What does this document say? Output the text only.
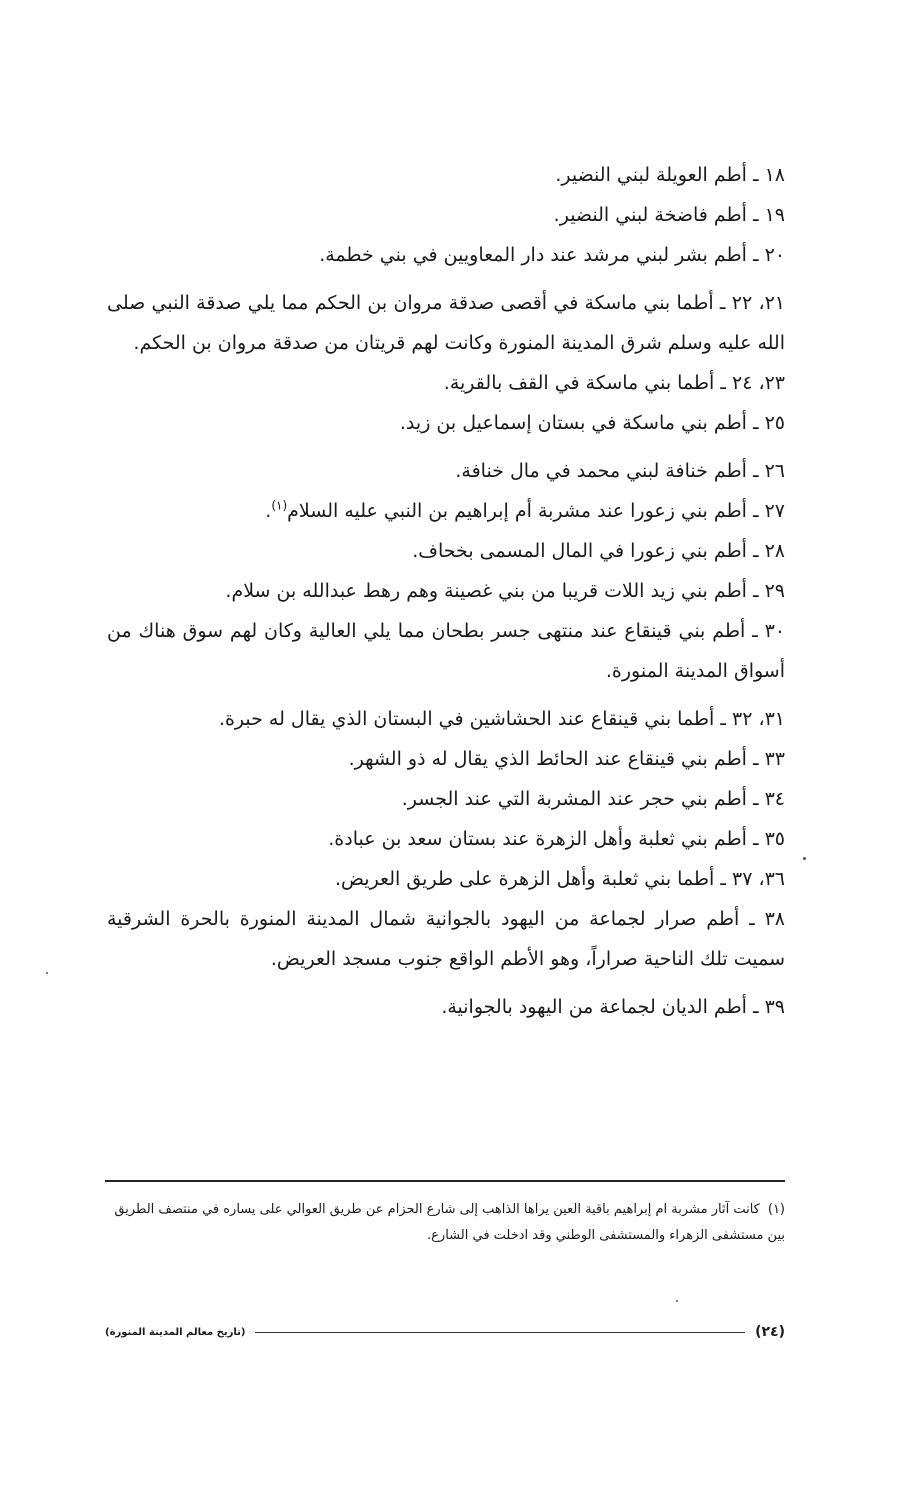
١٨ ـ أطم العويلة لبني النضير.

١٩ ـ أطم فاضخة لبني النضير.

٢٠ ـ أطم بشر لبني مرشد عند دار المعاويين في بني خطمة.

٢١، ٢٢ ـ أطما بني ماسكة في أقصى صدقة مروان بن الحكم مما يلي صدقة النبي صلى الله عليه وسلم شرق المدينة المنورة وكانت لهم قريتان من صدقة مروان بن الحكم.

٢٣، ٢٤ ـ أطما بني ماسكة في القف بالقرية.

٢٥ ـ أطم بني ماسكة في بستان إسماعيل بن زيد.

٢٦ ـ أطم خنافة لبني محمد في مال خنافة.

٢٧ ـ أطم بني زعورا عند مشربة أم إبراهيم بن النبي عليه السلام$^{(١)}$.

٢٨ ـ أطم بني زعورا في المال المسمى بخحاف.

٢٩ ـ أطم بني زيد اللات قريبا من بني غصينة وهم رهط عبدالله بن سلام.

٣٠ ـ أطم بني قينقاع عند منتهى جسر بطحان مما يلي العالية وكان لهم سوق هناك من أسواق المدينة المنورة.

٣١، ٣٢ ـ أطما بني قينقاع عند الحشاشين في البستان الذي يقال له حبرة.

٣٣ ـ أطم بني قينقاع عند الحائط الذي يقال له ذو الشهر.

٣٤ ـ أطم بني حجر عند المشربة التي عند الجسر.

٣٥ ـ أطم بني ثعلبة وأهل الزهرة عند بستان سعد بن عبادة.

٣٦، ٣٧ ـ أطما بني ثعلبة وأهل الزهرة على طريق العريض.

٣٨ ـ أطم صرار لجماعة من اليهود بالجوانية شمال المدينة المنورة بالحرة الشرقية سميت تلك الناحية صراراً، وهو الأطم الواقع جنوب مسجد العريض.

٣٩ ـ أطم الديان لجماعة من اليهود بالجوانية.

(١)كانت آثار مشربة ام إبراهيم باقية العين يراها الذاهب إلى شارع الحزام عن طريق العوالي على يساره في منتصف الطريق بين مستشفى الزهراء والمستشفى الوطني وقد ادخلت في الشارع.
(٢٤)
(تاريخ معالم المدينة المنورة)
